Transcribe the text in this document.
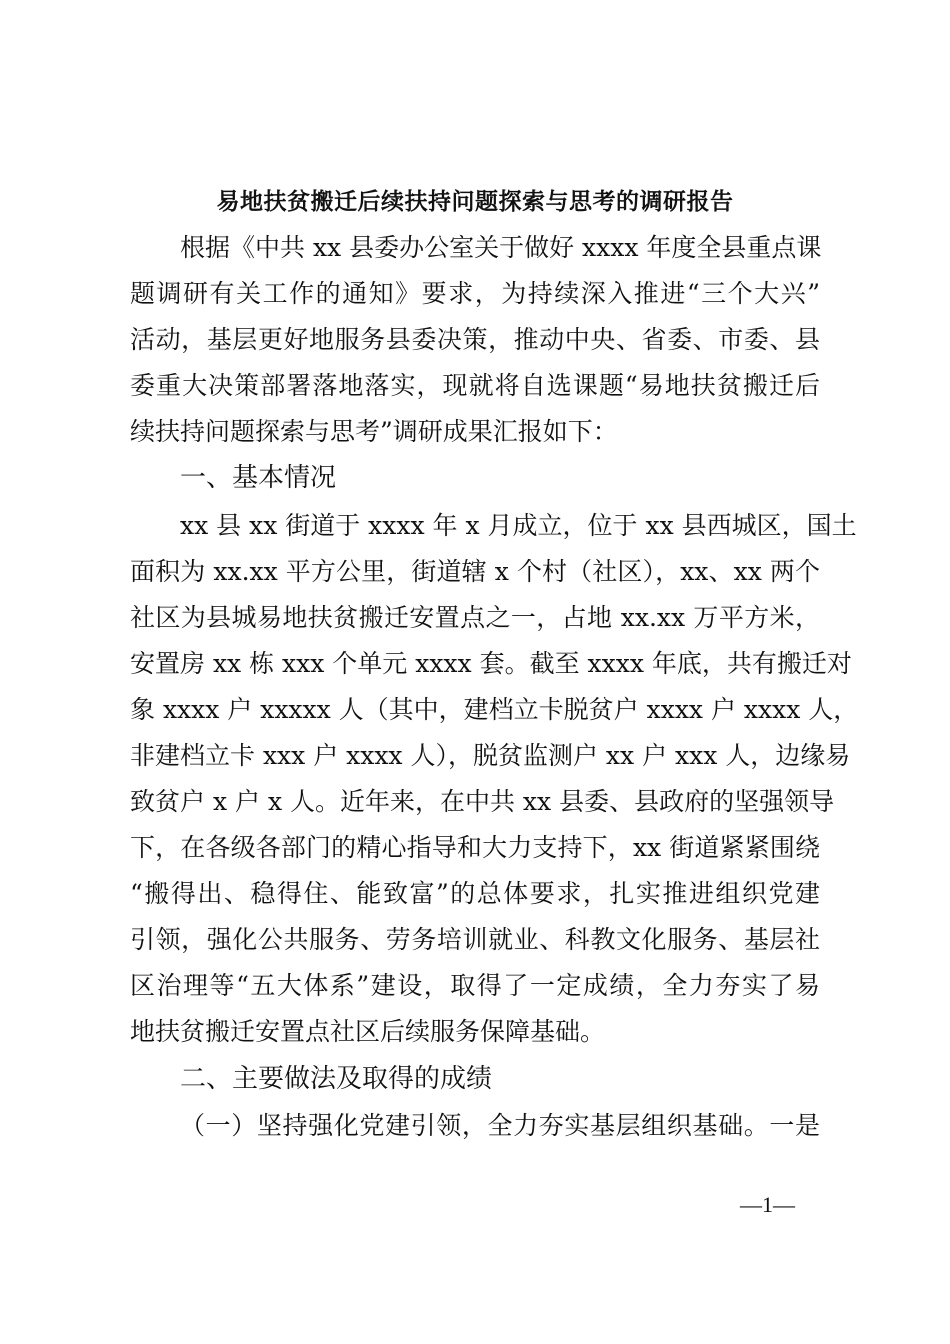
易地扶贫搬迁后续扶持问题探索与思考的调研报告
根据《中共 xx 县委办公室关于做好 xxxx 年度全县重点课
题调研有关工作的通知》要求，为持续深入推进“三个大兴”
活动，基层更好地服务县委决策，推动中央、省委、市委、县
委重大决策部署落地落实，现就将自选课题“易地扶贫搬迁后
续扶持问题探索与思考”调研成果汇报如下：
一、基本情况
xx 县 xx 街道于 xxxx 年 x 月成立，位于 xx 县西城区，国土
面积为 xx.xx 平方公里，街道辖 x 个村（社区），xx、xx 两个
社区为县城易地扶贫搬迁安置点之一，占地 xx.xx 万平方米，
安置房 xx 栋 xxx 个单元 xxxx 套。截至 xxxx 年底，共有搬迁对
象 xxxx 户 xxxxx 人（其中，建档立卡脱贫户 xxxx 户 xxxx 人，
非建档立卡 xxx 户 xxxx 人），脱贫监测户 xx 户 xxx 人，边缘易
致贫户 x 户 x 人。近年来，在中共 xx 县委、县政府的坚强领导
下，在各级各部门的精心指导和大力支持下，xx 街道紧紧围绕
“搬得出、稳得住、能致富”的总体要求，扎实推进组织党建
引领，强化公共服务、劳务培训就业、科教文化服务、基层社
区治理等“五大体系”建设，取得了一定成绩，全力夯实了易
地扶贫搬迁安置点社区后续服务保障基础。
二、主要做法及取得的成绩
（一）坚持强化党建引领，全力夯实基层组织基础。一是
—1—
